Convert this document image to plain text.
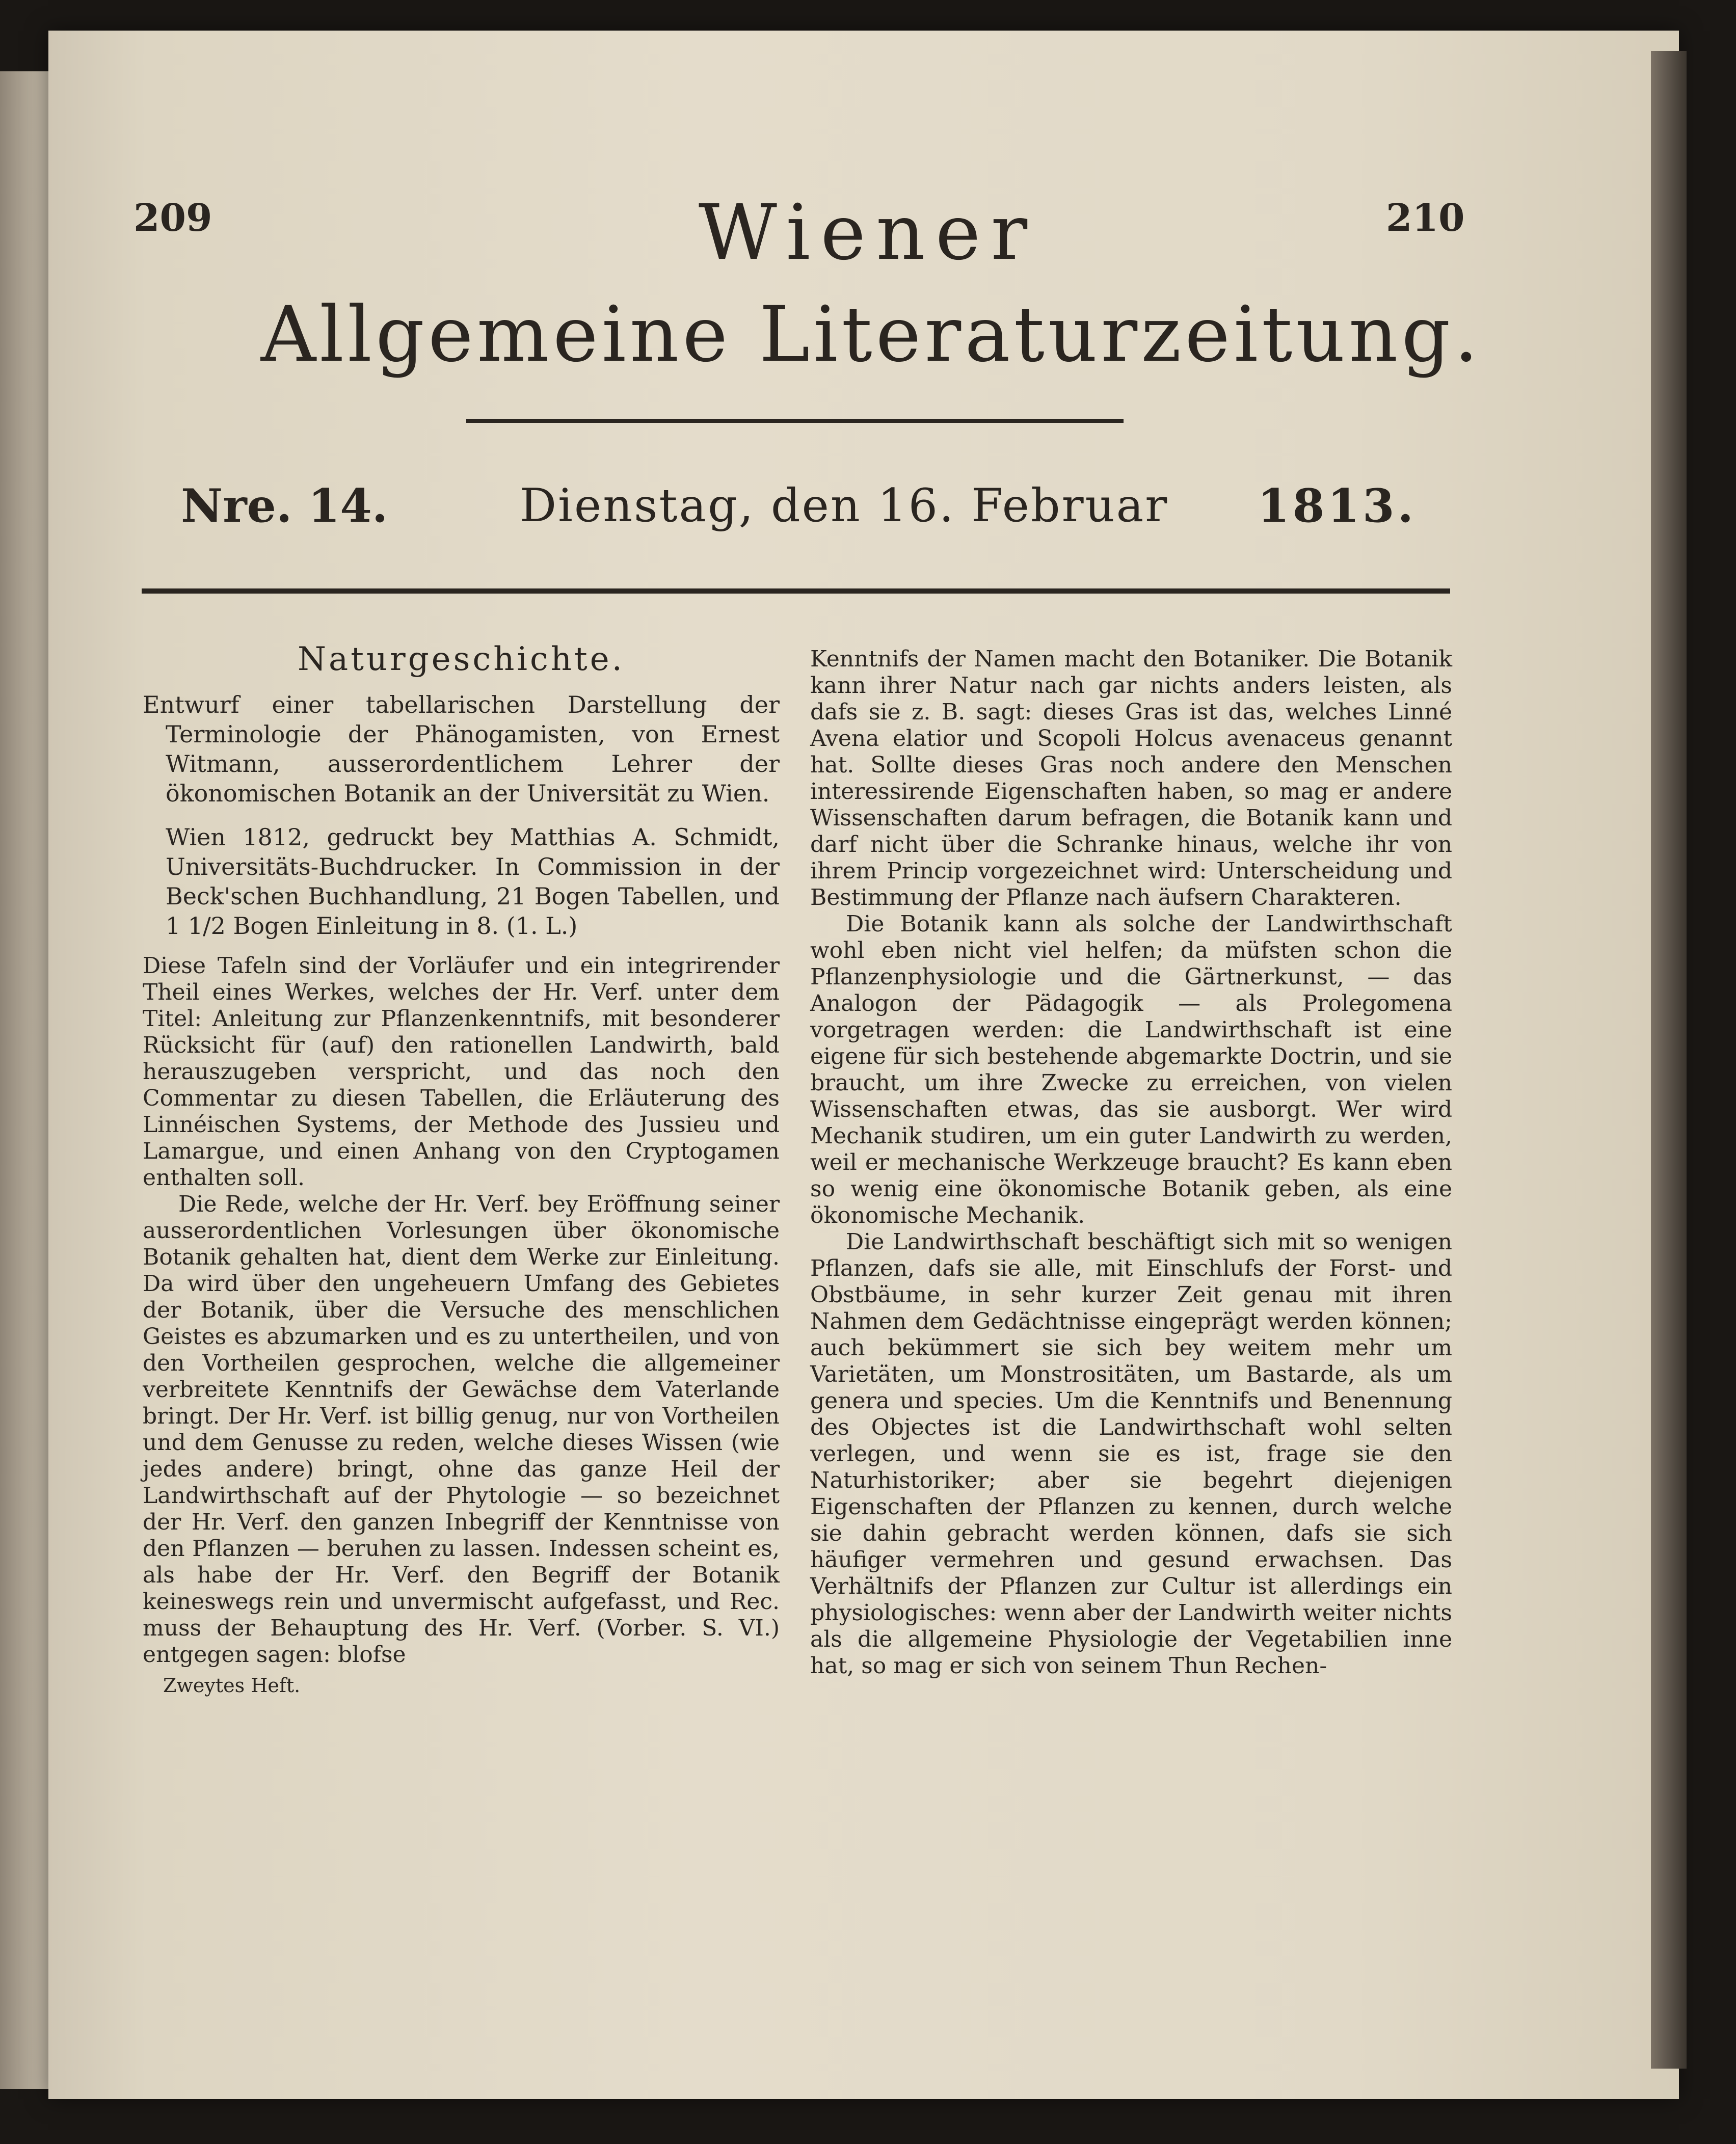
209	210
Wiener
Allgemeine Literaturzeitung.
Nre. 14.	Dienstag, den 16. Februar 1813.
Naturgeschichte.

Entwurf einer tabellarischen Darstellung der Terminologie der Phänogamisten, von Ernest Witmann, ausserordentlichem Lehrer der ökonomischen Botanik an der Universität zu Wien.

Wien 1812, gedruckt bey Matthias A. Schmidt, Universitäts-Buchdrucker. In Commission in der Beck'schen Buchhandlung, 21 Bogen Tabellen, und 1 1/2 Bogen Einleitung in 8. (1. L.)

Diese Tafeln sind der Vorläufer und ein integrirender Theil eines Werkes, welches der Hr. Verf. unter dem Titel: Anleitung zur Pflanzenkenntnifs, mit besonderer Rücksicht für (auf) den rationellen Landwirth, bald herauszugeben verspricht, und das noch den Commentar zu diesen Tabellen, die Erläuterung des Linnéischen Systems, der Methode des Jussieu und Lamargue, und einen Anhang von den Cryptogamen enthalten soll.

Die Rede, welche der Hr. Verf. bey Eröffnung seiner ausserordentlichen Vorlesungen über ökonomische Botanik gehalten hat, dient dem Werke zur Einleitung. Da wird über den ungeheuern Umfang des Gebietes der Botanik, über die Versuche des menschlichen Geistes es abzumarken und es zu untertheilen, und von den Vortheilen gesprochen, welche die allgemeiner verbreitete Kenntnifs der Gewächse dem Vaterlande bringt. Der Hr. Verf. ist billig genug, nur von Vortheilen und dem Genusse zu reden, welche dieses Wissen (wie jedes andere) bringt, ohne das ganze Heil der Landwirthschaft auf der Phytologie — so bezeichnet der Hr. Verf. den ganzen Inbegriff der Kenntnisse von den Pflanzen — beruhen zu lassen. Indessen scheint es, als habe der Hr. Verf. den Begriff der Botanik keineswegs rein und unvermischt aufgefasst, und Rec. muss der Behauptung des Hr. Verf. (Vorber. S. VI.) entgegen sagen: blofse

Zweytes Heft.

Kenntnifs der Namen macht den Botaniker. Die Botanik kann ihrer Natur nach gar nichts anders leisten, als dafs sie z. B. sagt: dieses Gras ist das, welches Linné Avena elatior und Scopoli Holcus avenaceus genannt hat. Sollte dieses Gras noch andere den Menschen interessirende Eigenschaften haben, so mag er andere Wissenschaften darum befragen, die Botanik kann und darf nicht über die Schranke hinaus, welche ihr von ihrem Princip vorgezeichnet wird: Unterscheidung und Bestimmung der Pflanze nach äufsern Charakteren.

Die Botanik kann als solche der Landwirthschaft wohl eben nicht viel helfen; da müfsten schon die Pflanzenphysiologie und die Gärtnerkunst, — das Analogon der Pädagogik — als Prolegomena vorgetragen werden: die Landwirthschaft ist eine eigene für sich bestehende abgemarkte Doctrin, und sie braucht, um ihre Zwecke zu erreichen, von vielen Wissenschaften etwas, das sie ausborgt. Wer wird Mechanik studiren, um ein guter Landwirth zu werden, weil er mechanische Werkzeuge braucht? Es kann eben so wenig eine ökonomische Botanik geben, als eine ökonomische Mechanik.

Die Landwirthschaft beschäftigt sich mit so wenigen Pflanzen, dafs sie alle, mit Einschlufs der Forst- und Obstbäume, in sehr kurzer Zeit genau mit ihren Nahmen dem Gedächtnisse eingeprägt werden können; auch bekümmert sie sich bey weitem mehr um Varietäten, um Monstrositäten, um Bastarde, als um genera und species. Um die Kenntnifs und Benennung des Objectes ist die Landwirthschaft wohl selten verlegen, und wenn sie es ist, frage sie den Naturhistoriker; aber sie begehrt diejenigen Eigenschaften der Pflanzen zu kennen, durch welche sie dahin gebracht werden können, dafs sie sich häufiger vermehren und gesund erwachsen. Das Verhältnifs der Pflanzen zur Cultur ist allerdings ein physiologisches: wenn aber der Landwirth weiter nichts als die allgemeine Physiologie der Vegetabilien inne hat, so mag er sich von seinem Thun Rechen-
